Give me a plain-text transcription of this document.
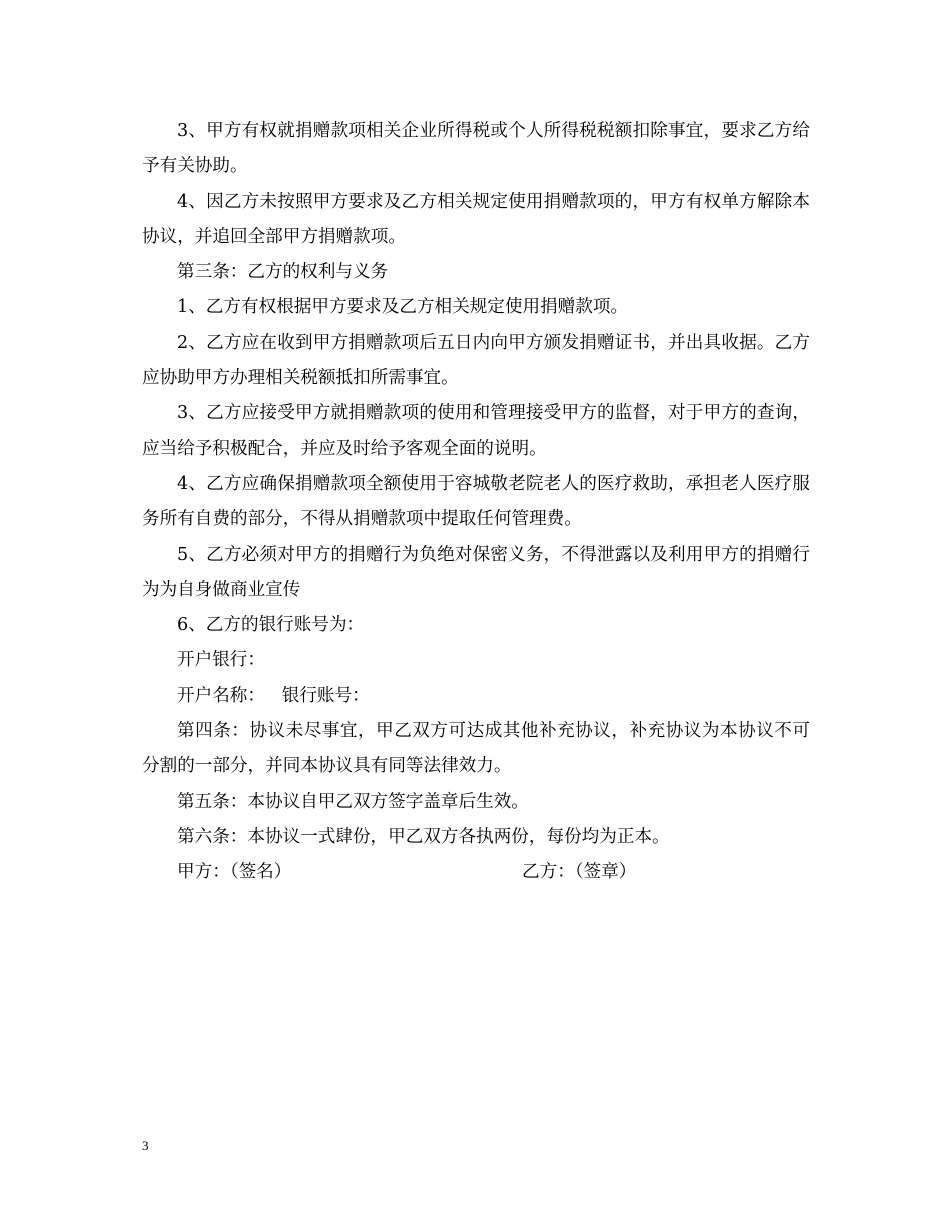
3、甲方有权就捐赠款项相关企业所得税或个人所得税税额扣除事宜，要求乙方给予有关协助。

4、因乙方未按照甲方要求及乙方相关规定使用捐赠款项的，甲方有权单方解除本协议，并追回全部甲方捐赠款项。

第三条：乙方的权利与义务

1、乙方有权根据甲方要求及乙方相关规定使用捐赠款项。

2、乙方应在收到甲方捐赠款项后五日内向甲方颁发捐赠证书，并出具收据。乙方应协助甲方办理相关税额抵扣所需事宜。

3、乙方应接受甲方就捐赠款项的使用和管理接受甲方的监督，对于甲方的查询，应当给予积极配合，并应及时给予客观全面的说明。

4、乙方应确保捐赠款项全额使用于容城敬老院老人的医疗救助，承担老人医疗服务所有自费的部分，不得从捐赠款项中提取任何管理费。

5、乙方必须对甲方的捐赠行为负绝对保密义务，不得泄露以及利用甲方的捐赠行为为自身做商业宣传

6、乙方的银行账号为：

开户银行：

开户名称：   银行账号：

第四条：协议未尽事宜，甲乙双方可达成其他补充协议，补充协议为本协议不可分割的一部分，并同本协议具有同等法律效力。

第五条：本协议自甲乙双方签字盖章后生效。

第六条：本协议一式肆份，甲乙双方各执两份，每份均为正本。

甲方：（签名）	乙方：（签章）
3
